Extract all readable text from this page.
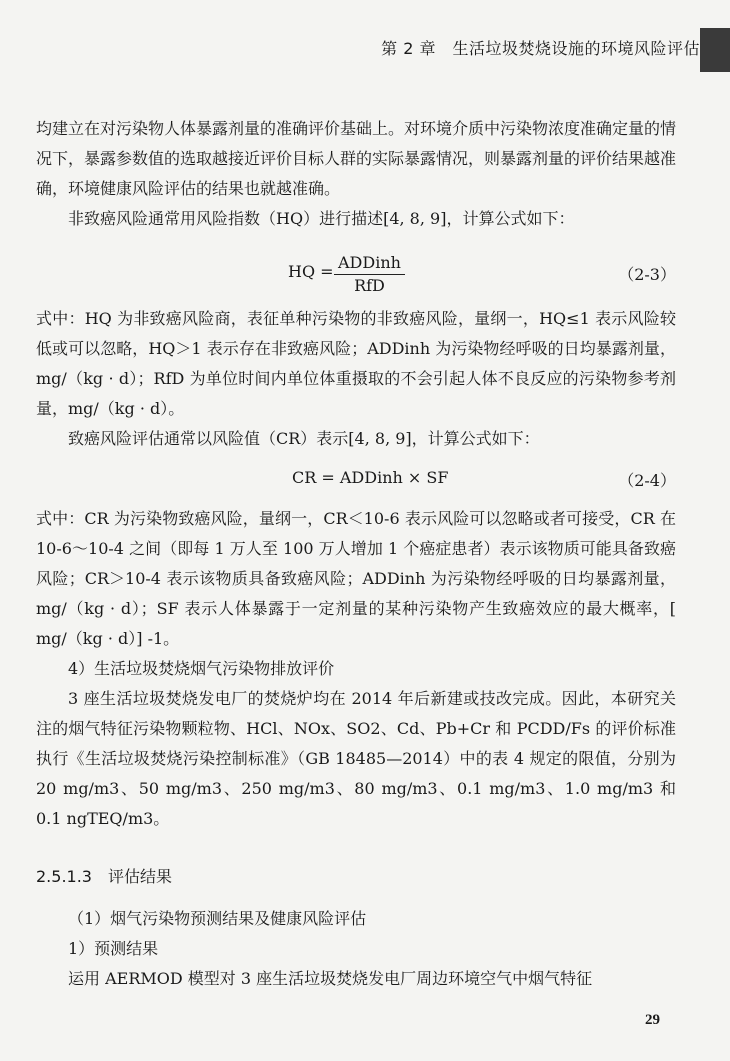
第 2 章　生活垃圾焚烧设施的环境风险评估

均建立在对污染物人体暴露剂量的准确评价基础上。对环境介质中污染物浓度准确定量的情况下，暴露参数值的选取越接近评价目标人群的实际暴露情况，则暴露剂量的评价结果越准确，环境健康风险评估的结果也就越准确。

非致癌风险通常用风险指数（HQ）进行描述[4, 8, 9]，计算公式如下：

HQ = ADDinh
RfD
（2-3）

式中：HQ 为非致癌风险商，表征单种污染物的非致癌风险，量纲一，HQ≤1 表示风险较低或可以忽略，HQ＞1 表示存在非致癌风险；ADDinh 为污染物经呼吸的日均暴露剂量，mg/（kg · d）；RfD 为单位时间内单位体重摄取的不会引起人体不良反应的污染物参考剂量，mg/（kg · d）。

致癌风险评估通常以风险值（CR）表示[4, 8, 9]，计算公式如下：

CR = ADDinh × SF	（2-4）

式中：CR 为污染物致癌风险，量纲一，CR＜10-6 表示风险可以忽略或者可接受，CR 在 10-6～10-4 之间（即每 1 万人至 100 万人增加 1 个癌症患者）表示该物质可能具备致癌风险；CR＞10-4 表示该物质具备致癌风险；ADDinh 为污染物经呼吸的日均暴露剂量，mg/（kg · d）；SF 表示人体暴露于一定剂量的某种污染物产生致癌效应的最大概率，[ mg/（kg · d）] -1。

4）生活垃圾焚烧烟气污染物排放评价

3 座生活垃圾焚烧发电厂的焚烧炉均在 2014 年后新建或技改完成。因此，本研究关注的烟气特征污染物颗粒物、HCl、NOx、SO2、Cd、Pb+Cr 和 PCDD/Fs 的评价标准执行《生活垃圾焚烧污染控制标准》（GB 18485—2014）中的表 4 规定的限值，分别为 20 mg/m3、50 mg/m3、250 mg/m3、80 mg/m3、0.1 mg/m3、1.0 mg/m3 和 0.1 ngTEQ/m3。

2.5.1.3　评估结果

（1）烟气污染物预测结果及健康风险评估

1）预测结果

运用 AERMOD 模型对 3 座生活垃圾焚烧发电厂周边环境空气中烟气特征

29
